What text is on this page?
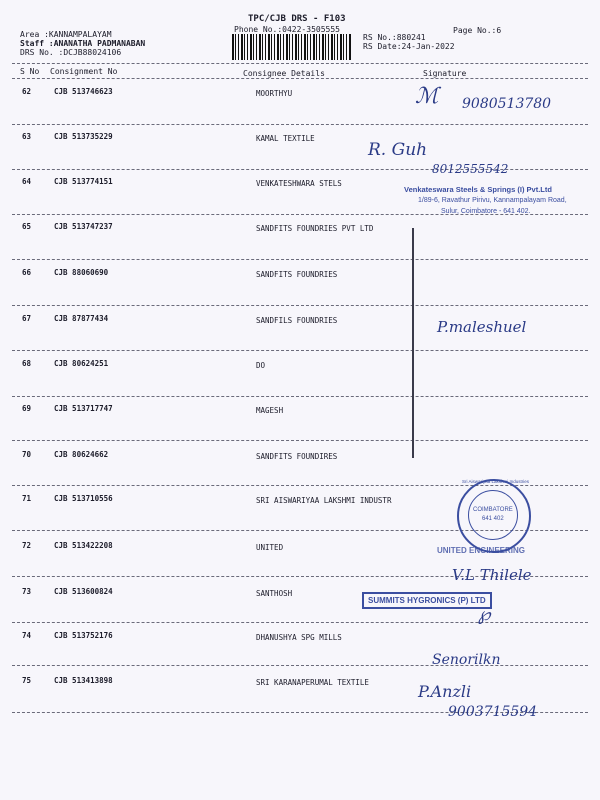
TPC/CJB DRS - F103
Phone No.:0422-3505555
Area :KANNAMPALAYAM
Staff :ANANATHA PADMANABAN
DRS No. :DCJB88024106
RS No.:880241
RS Date:24-Jan-2022
Page No.:6
S No Consignment No	Consignee Details	Signature
62	CJB 513746623	MOORTHYU
63	CJB 513735229	KAMAL TEXTILE
64	CJB 513774151	VENKATESHWARA STELS
65	CJB 513747237	SANDFITS FOUNDRIES PVT LTD
66	CJB 88060690	SANDFITS FOUNDRIES
67	CJB 87877434	SANDFILS FOUNDRIES
68	CJB 80624251	DO
69	CJB 513717747	MAGESH
70	CJB 80624662	SANDFITS FOUNDIRES
71	CJB 513710556	SRI AISWARIYAA LAKSHMI INDUSTR
72	CJB 513422208	UNITED
73	CJB 513600824	SANTHOSH
74	CJB 513752176	DHANUSHYA SPG MILLS
75	CJB 513413898	SRI KARANAPERUMAL TEXTILE
ℳ 9080513780
R. Guh
8012555542
P.maleshuel
V.L Thilele
℘
Senorilkn
P.Anzli
9003715594
Venkateswara Steels & Springs (I) Pvt.Ltd
1/89-6, Ravathur Pirivu, Kannampalayam Road,
Sulur, Coimbatore - 641 402.
Sri Aiswariyaa Lakshmi Industries
COIMBATORE
641 402
UNITED ENGINEERING
SUMMITS HYGRONICS (P) LTD
